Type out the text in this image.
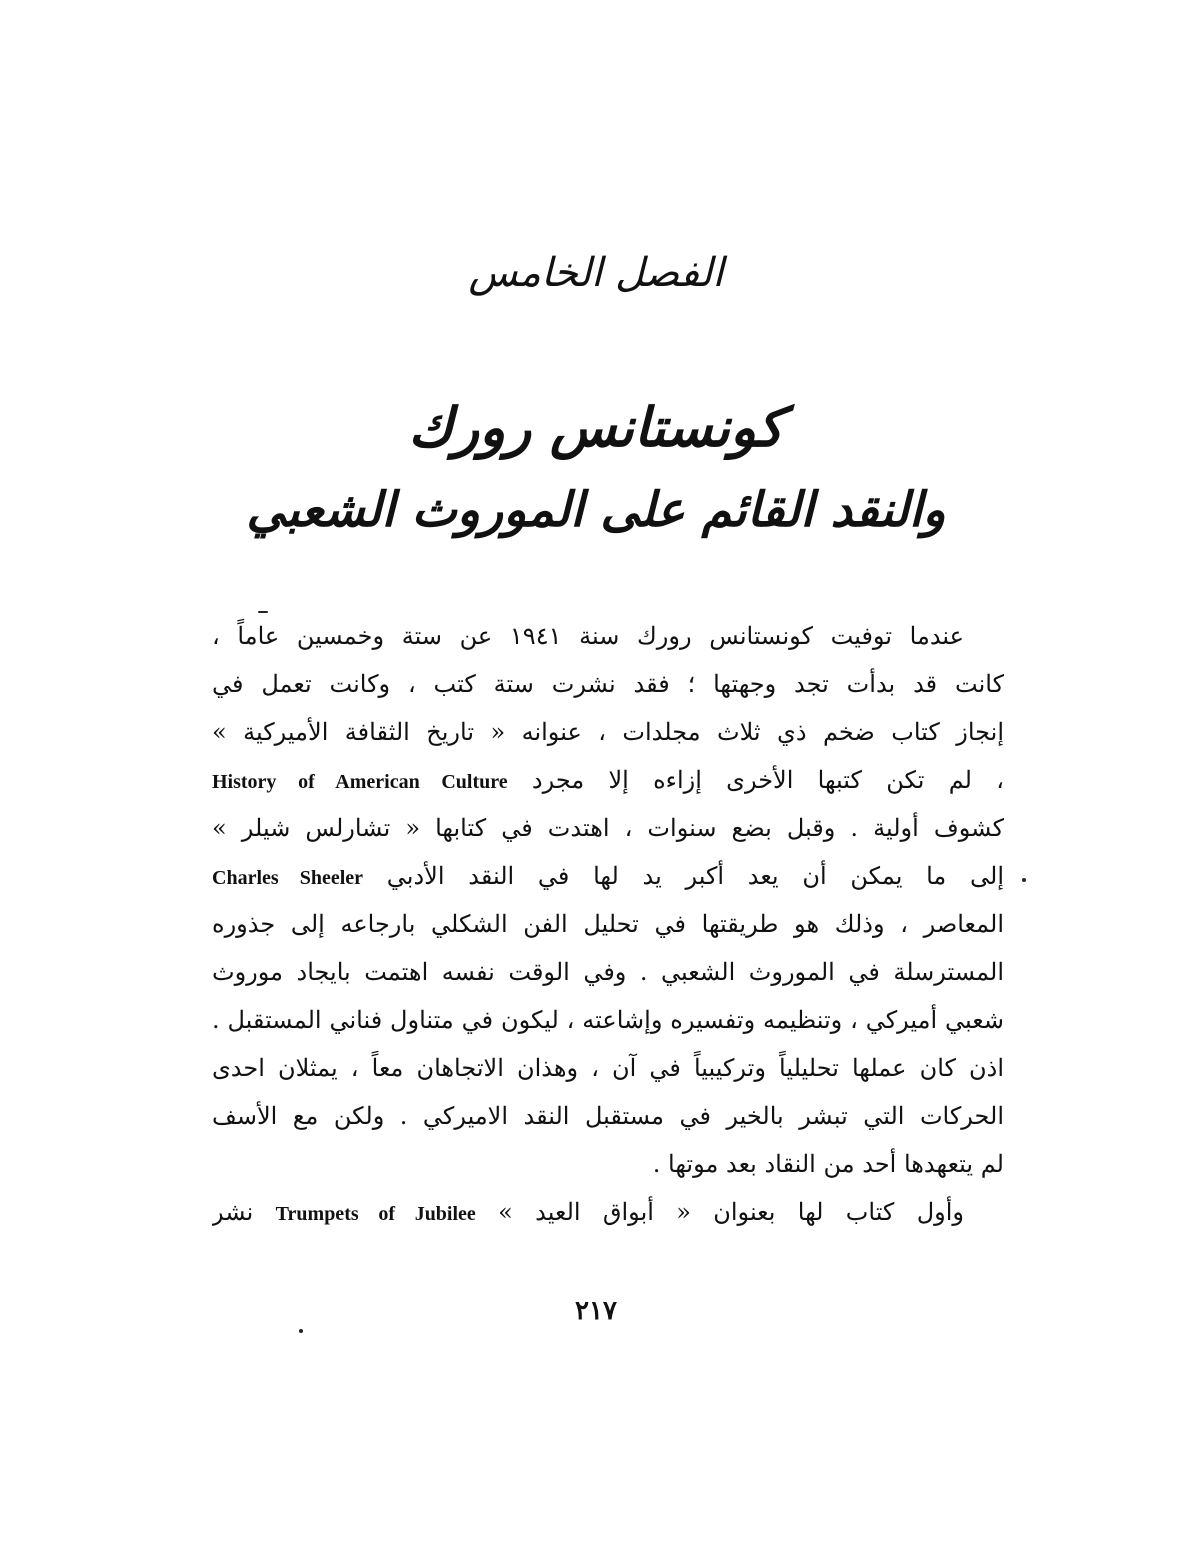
الفصل الخامس
كونستانس رورك
والنقد القائم على الموروث الشعبي
عندما توفيت كونستانس رورك سنة ١٩٤١ عن ستة وخمسين عاماً ،
كانت قد بدأت تجد وجهتها ؛ فقد نشرت ستة كتب ، وكانت تعمل في
إنجاز كتاب ضخم ذي ثلاث مجلدات ، عنوانه « تاريخ الثقافة الأميركية »
، لم تكن كتبها الأخرى إزاءه إلا مجرد History of American Culture
كشوف أولية . وقبل بضع سنوات ، اهتدت في كتابها « تشارلس شيلر »
إلى ما يمكن أن يعد أكبر يد لها في النقد الأدبي Charles Sheeler
المعاصر ، وذلك هو طريقتها في تحليل الفن الشكلي بارجاعه إلى جذوره
المسترسلة في الموروث الشعبي . وفي الوقت نفسه اهتمت بايجاد موروث
شعبي أميركي ، وتنظيمه وتفسيره وإشاعته ، ليكون في متناول فناني المستقبل .
اذن كان عملها تحليلياً وتركيبياً في آن ، وهذان الاتجاهان معاً ، يمثلان احدى
الحركات التي تبشر بالخير في مستقبل النقد الاميركي . ولكن مع الأسف
لم يتعهدها أحد من النقاد بعد موتها .
وأول كتاب لها بعنوان « أبواق العيد » Trumpets of Jubilee نشر
٢١٧
